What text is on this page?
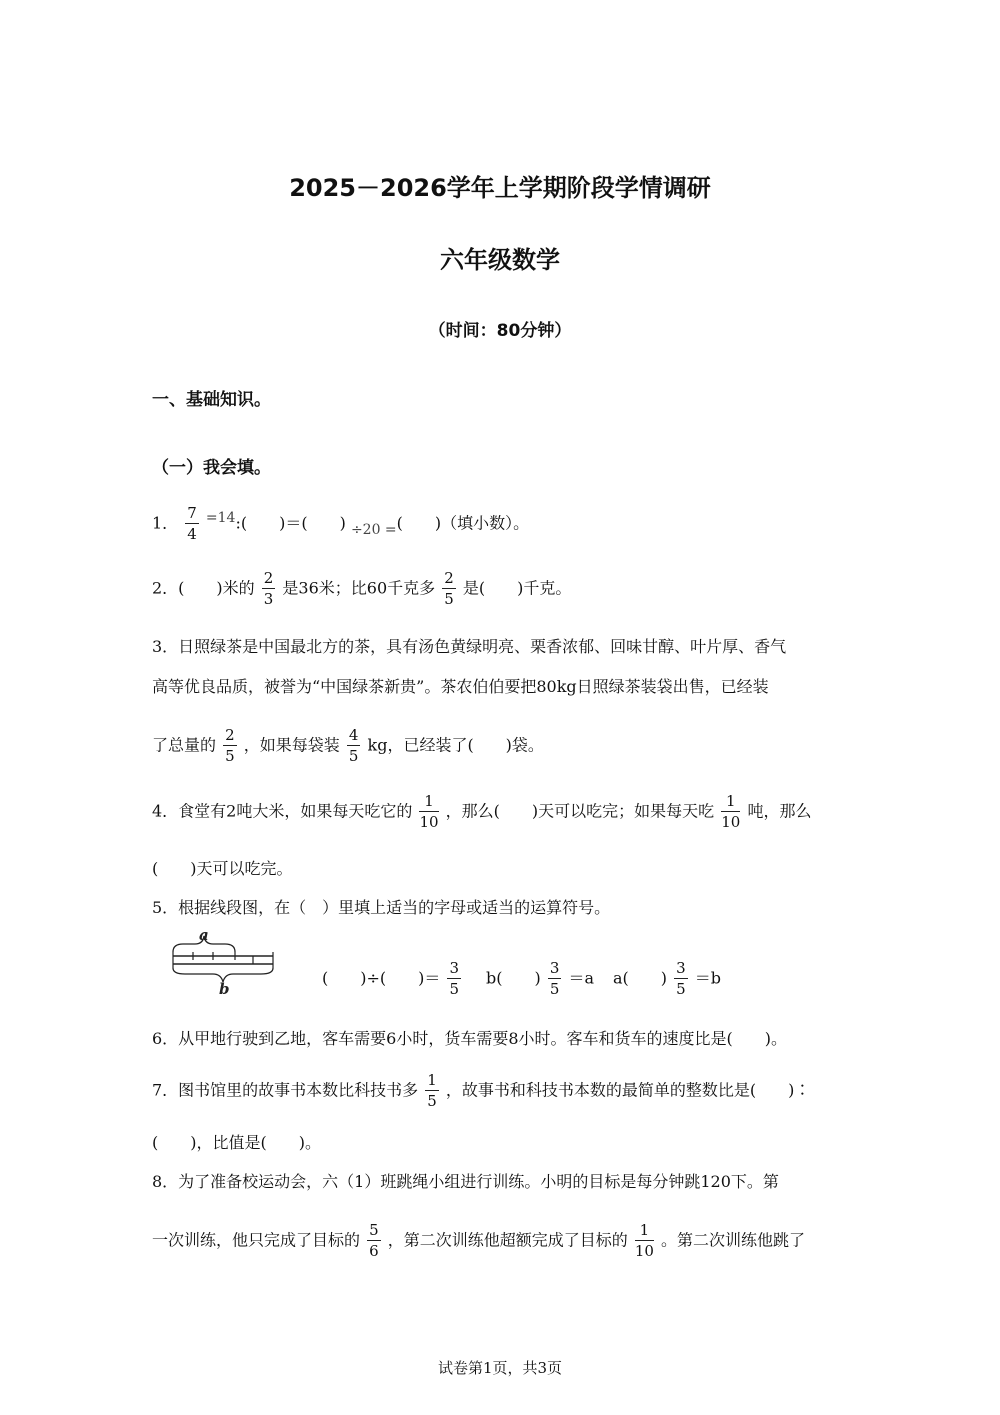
2025－2026学年上学期阶段学情调研
六年级数学
（时间：80分钟）
一、基础知识。
（一）我会填。
1． $\frac{7}{4}$ =14:(　　)＝(　　) ÷20 =(　　)（填小数）。
2．(　　)米的 $\frac{2}{3}$ 是36米；比60千克多 $\frac{2}{5}$ 是(　　)千克。
3．日照绿茶是中国最北方的茶，具有汤色黄绿明亮、栗香浓郁、回味甘醇、叶片厚、香气
高等优良品质，被誉为“中国绿茶新贵”。茶农伯伯要把80kg日照绿茶装袋出售，已经装
了总量的 $\frac{2}{5}$ ，如果每袋装 $\frac{4}{5}$ kg，已经装了(　　)袋。
4．食堂有2吨大米，如果每天吃它的 $\frac{1}{10}$ ，那么(　　)天可以吃完；如果每天吃 $\frac{1}{10}$ 吨，那么
(　　)天可以吃完。
5．根据线段图，在（　）里填上适当的字母或适当的运算符号。
a
b
(　　)÷(　　)＝ $\frac{3}{5} b$(　　) $\frac{3}{5} =a$ a(　　) $\frac{3}{5} =b$
6．从甲地行驶到乙地，客车需要6小时，货车需要8小时。客车和货车的速度比是(　　)。
7．图书馆里的故事书本数比科技书多 $\frac{1}{5}$ ，故事书和科技书本数的最简单的整数比是(　　)∶
(　　)，比值是(　　)。
8．为了准备校运动会，六（1）班跳绳小组进行训练。小明的目标是每分钟跳120下。第
一次训练，他只完成了目标的 $\frac{5}{6}$ ，第二次训练他超额完成了目标的 $\frac{1}{10}$ 。第二次训练他跳了
试卷第1页，共3页
